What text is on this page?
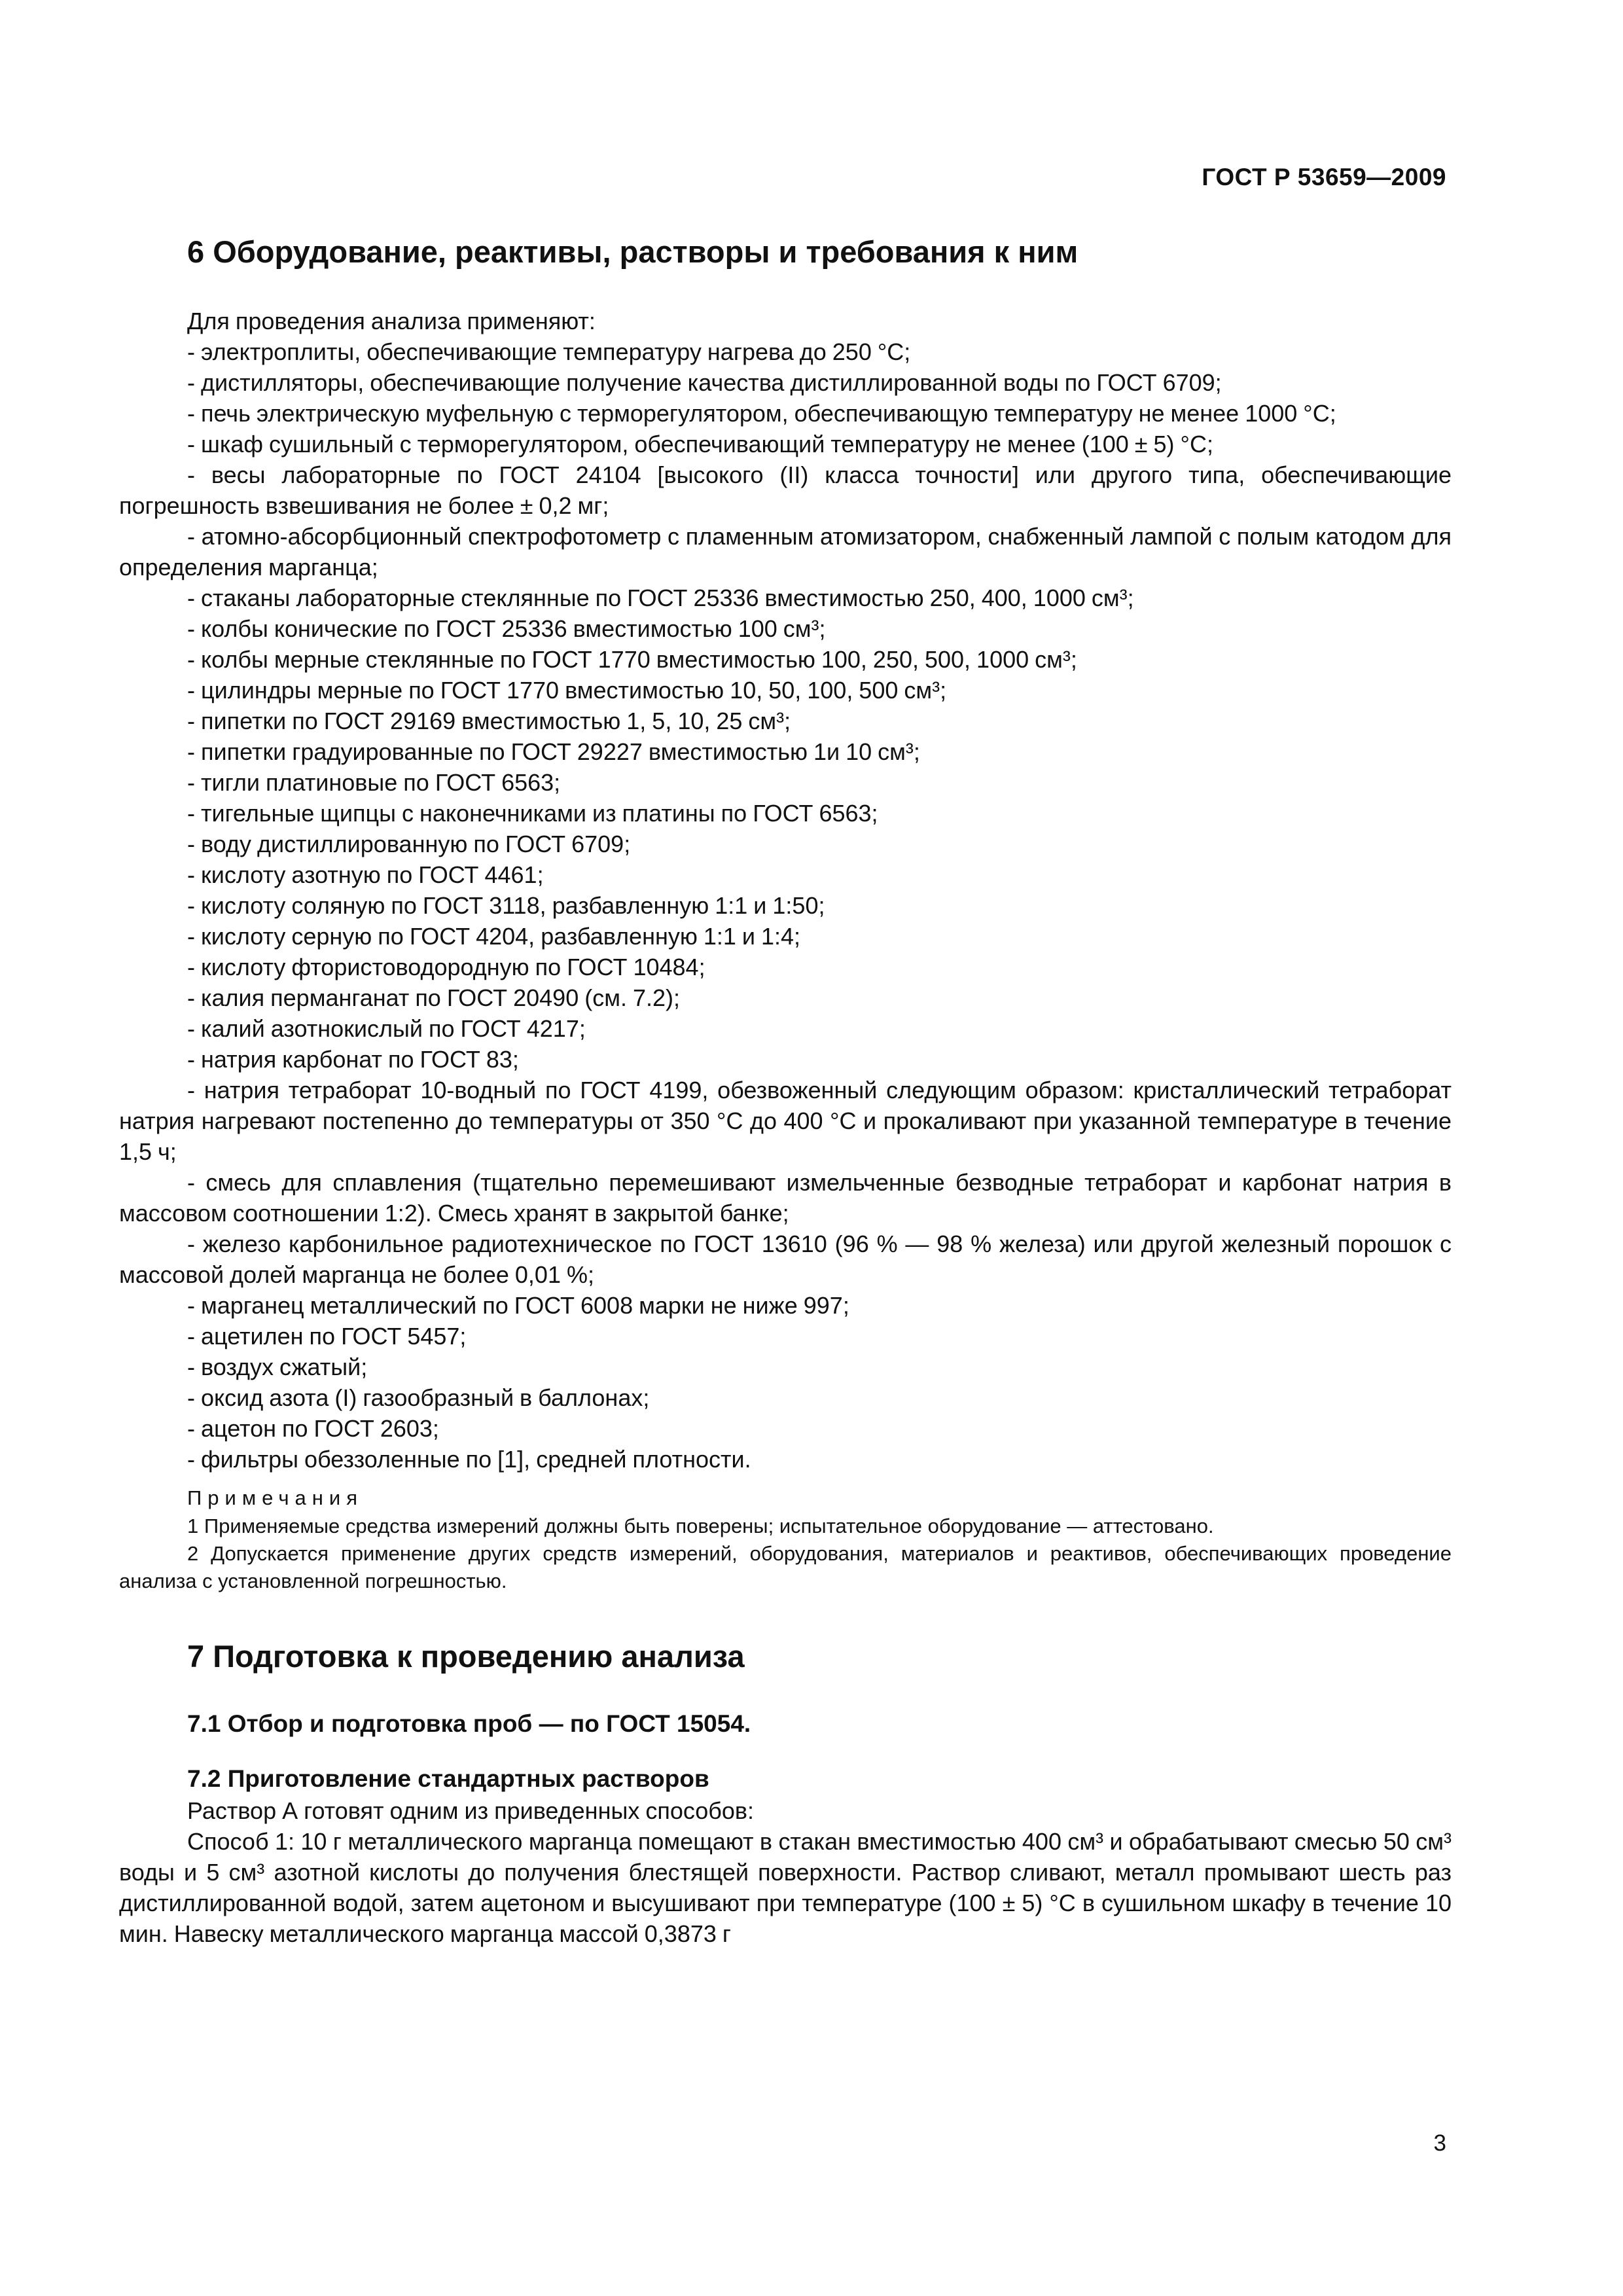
ГОСТ Р 53659—2009
6 Оборудование, реактивы, растворы и требования к ним

Для проведения анализа применяют:

- электроплиты, обеспечивающие температуру нагрева до 250 °С;

- дистилляторы, обеспечивающие получение качества дистиллированной воды по ГОСТ 6709;

- печь электрическую муфельную с терморегулятором, обеспечивающую температуру не менее 1000 °С;

- шкаф сушильный с терморегулятором, обеспечивающий температуру не менее (100 ± 5) °С;

- весы лабораторные по ГОСТ 24104 [высокого (II) класса точности] или другого типа, обеспечивающие погрешность взвешивания не более ± 0,2 мг;

- атомно-абсорбционный спектрофотометр с пламенным атомизатором, снабженный лампой с полым катодом для определения марганца;

- стаканы лабораторные стеклянные по ГОСТ 25336 вместимостью 250, 400, 1000 см³;

- колбы конические по ГОСТ 25336 вместимостью 100 см³;

- колбы мерные стеклянные по ГОСТ 1770 вместимостью 100, 250, 500, 1000 см³;

- цилиндры мерные по ГОСТ 1770 вместимостью 10, 50, 100, 500 см³;

- пипетки по ГОСТ 29169 вместимостью 1, 5, 10, 25 см³;

- пипетки градуированные по ГОСТ 29227 вместимостью 1и 10 см³;

- тигли платиновые по ГОСТ 6563;

- тигельные щипцы с наконечниками из платины по ГОСТ 6563;

- воду дистиллированную по ГОСТ 6709;

- кислоту азотную по ГОСТ 4461;

- кислоту соляную по ГОСТ 3118, разбавленную 1:1 и 1:50;

- кислоту серную по ГОСТ 4204, разбавленную 1:1 и 1:4;

- кислоту фтористоводородную по ГОСТ 10484;

- калия перманганат по ГОСТ 20490 (см. 7.2);

- калий азотнокислый по ГОСТ 4217;

- натрия карбонат по ГОСТ 83;

- натрия тетраборат 10-водный по ГОСТ 4199, обезвоженный следующим образом: кристаллический тетраборат натрия нагревают постепенно до температуры от 350 °С до 400 °С и прокаливают при указанной температуре в течение 1,5 ч;

- смесь для сплавления (тщательно перемешивают измельченные безводные тетраборат и карбонат натрия в массовом соотношении 1:2). Смесь хранят в закрытой банке;

- железо карбонильное радиотехническое по ГОСТ 13610 (96 % — 98 % железа) или другой железный порошок с массовой долей марганца не более 0,01 %;

- марганец металлический по ГОСТ 6008 марки не ниже 997;

- ацетилен по ГОСТ 5457;

- воздух сжатый;

- оксид азота (I) газообразный в баллонах;

- ацетон по ГОСТ 2603;

- фильтры обеззоленные по [1], средней плотности.

Примечания

1 Применяемые средства измерений должны быть поверены; испытательное оборудование — аттестовано.

2 Допускается применение других средств измерений, оборудования, материалов и реактивов, обеспечивающих проведение анализа с установленной погрешностью.

7 Подготовка к проведению анализа
7.1 Отбор и подготовка проб — по ГОСТ 15054.
7.2 Приготовление стандартных растворов

Раствор А готовят одним из приведенных способов:

Способ 1: 10 г металлического марганца помещают в стакан вместимостью 400 см³ и обрабатывают смесью 50 см³ воды и 5 см³ азотной кислоты до получения блестящей поверхности. Раствор сливают, металл промывают шесть раз дистиллированной водой, затем ацетоном и высушивают при температуре (100 ± 5) °С в сушильном шкафу в течение 10 мин. Навеску металлического марганца массой 0,3873 г

3
